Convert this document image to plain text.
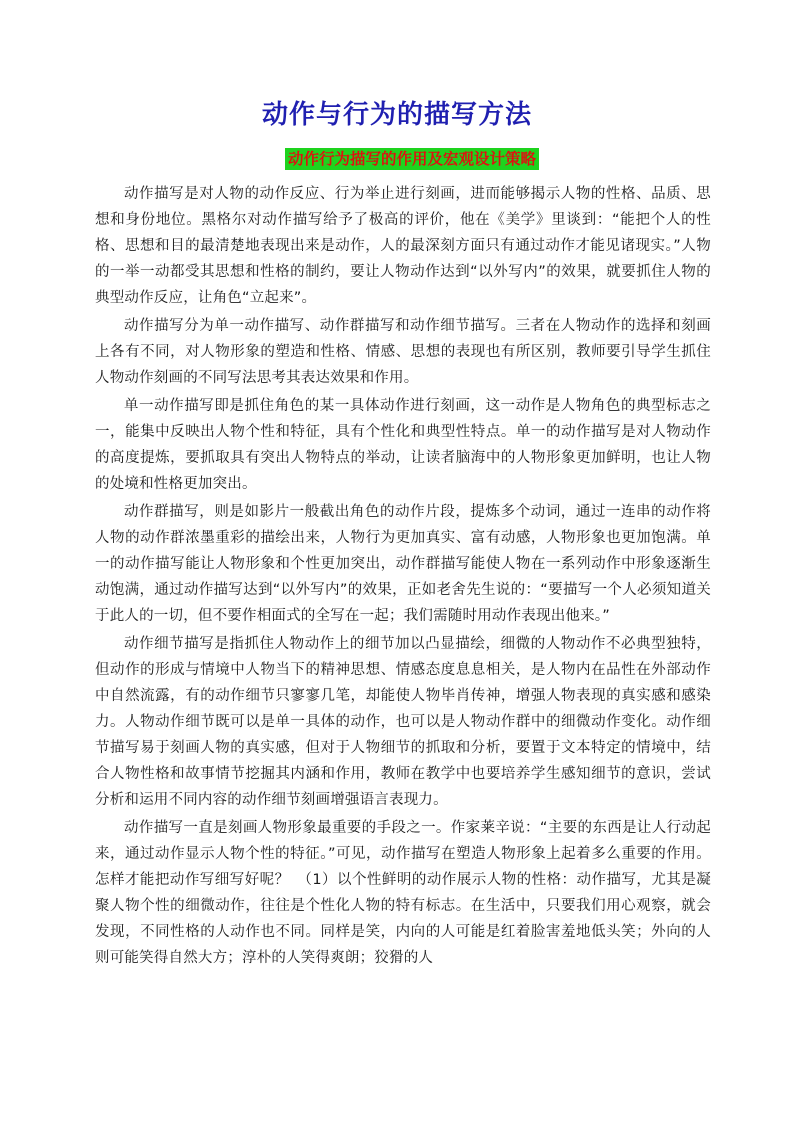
动作与行为的描写方法
动作行为描写的作用及宏观设计策略

动作描写是对人物的动作反应、行为举止进行刻画，进而能够揭示人物的性格、品质、思想和身份地位。黑格尔对动作描写给予了极高的评价，他在《美学》里谈到：“能把个人的性格、思想和目的最清楚地表现出来是动作，人的最深刻方面只有通过动作才能见诸现实。”人物的一举一动都受其思想和性格的制约，要让人物动作达到“以外写内”的效果，就要抓住人物的典型动作反应，让角色“立起来”。

动作描写分为单一动作描写、动作群描写和动作细节描写。三者在人物动作的选择和刻画上各有不同，对人物形象的塑造和性格、情感、思想的表现也有所区别，教师要引导学生抓住人物动作刻画的不同写法思考其表达效果和作用。

单一动作描写即是抓住角色的某一具体动作进行刻画，这一动作是人物角色的典型标志之一，能集中反映出人物个性和特征，具有个性化和典型性特点。单一的动作描写是对人物动作的高度提炼，要抓取具有突出人物特点的举动，让读者脑海中的人物形象更加鲜明，也让人物的处境和性格更加突出。

动作群描写，则是如影片一般截出角色的动作片段，提炼多个动词，通过一连串的动作将人物的动作群浓墨重彩的描绘出来，人物行为更加真实、富有动感，人物形象也更加饱满。单一的动作描写能让人物形象和个性更加突出，动作群描写能使人物在一系列动作中形象逐渐生动饱满，通过动作描写达到“以外写内”的效果，正如老舍先生说的：“要描写一个人必须知道关于此人的一切，但不要作相面式的全写在一起；我们需随时用动作表现出他来。”

动作细节描写是指抓住人物动作上的细节加以凸显描绘，细微的人物动作不必典型独特，但动作的形成与情境中人物当下的精神思想、情感态度息息相关，是人物内在品性在外部动作中自然流露，有的动作细节只寥寥几笔，却能使人物毕肖传神，增强人物表现的真实感和感染力。人物动作细节既可以是单一具体的动作，也可以是人物动作群中的细微动作变化。动作细节描写易于刻画人物的真实感，但对于人物细节的抓取和分析，要置于文本特定的情境中，结合人物性格和故事情节挖掘其内涵和作用，教师在教学中也要培养学生感知细节的意识，尝试分析和运用不同内容的动作细节刻画增强语言表现力。

动作描写一直是刻画人物形象最重要的手段之一。作家莱辛说：“主要的东西是让人行动起来，通过动作显示人物个性的特征。”可见，动作描写在塑造人物形象上起着多么重要的作用。怎样才能把动作写细写好呢？　（1）以个性鲜明的动作展示人物的性格：动作描写，尤其是凝聚人物个性的细微动作，往往是个性化人物的特有标志。在生活中，只要我们用心观察，就会发现，不同性格的人动作也不同。同样是笑，内向的人可能是红着脸害羞地低头笑；外向的人则可能笑得自然大方；淳朴的人笑得爽朗；狡猾的人
